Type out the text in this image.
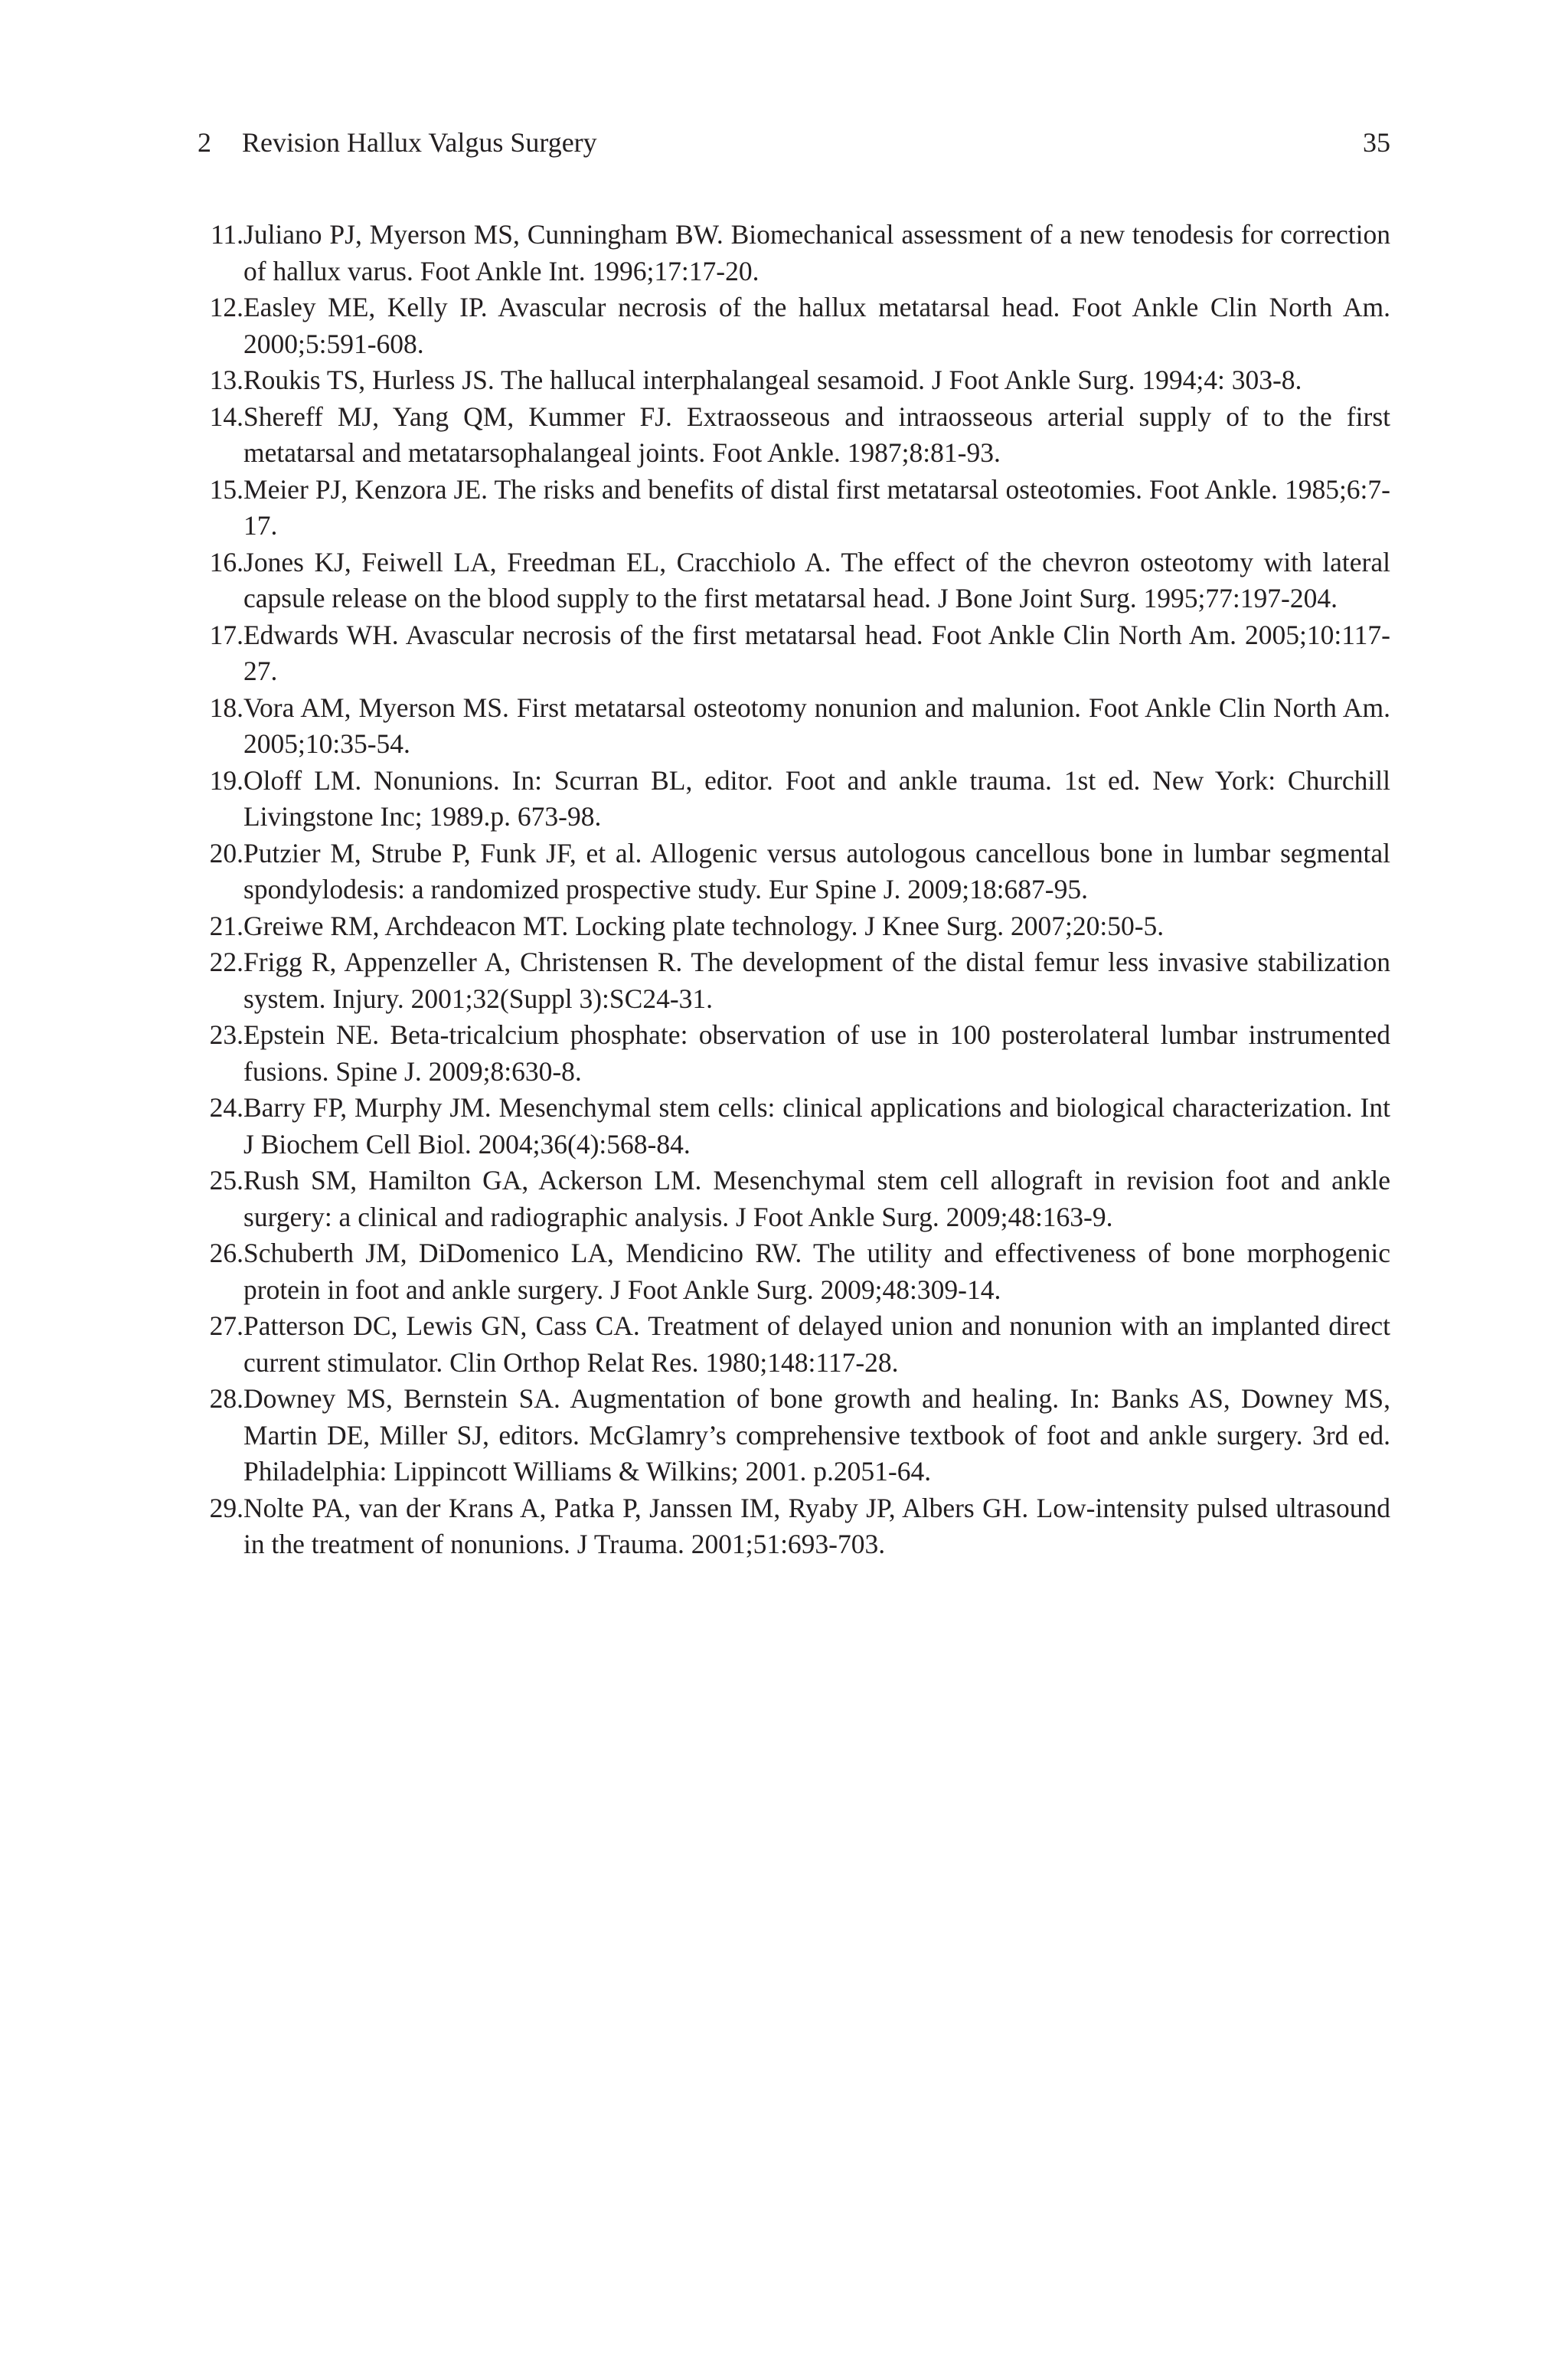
2 Revision Hallux Valgus Surgery	35
11. Juliano PJ, Myerson MS, Cunningham BW. Biomechanical assessment of a new tenodesis for correction of hallux varus. Foot Ankle Int. 1996;17:17-20.
12. Easley ME, Kelly IP. Avascular necrosis of the hallux metatarsal head. Foot Ankle Clin North Am. 2000;5:591-608.
13. Roukis TS, Hurless JS. The hallucal interphalangeal sesamoid. J Foot Ankle Surg. 1994;4: 303-8.
14. Shereff MJ, Yang QM, Kummer FJ. Extraosseous and intraosseous arterial supply of to the first metatarsal and metatarsophalangeal joints. Foot Ankle. 1987;8:81-93.
15. Meier PJ, Kenzora JE. The risks and benefits of distal first metatarsal osteotomies. Foot Ankle. 1985;6:7-17.
16. Jones KJ, Feiwell LA, Freedman EL, Cracchiolo A. The effect of the chevron osteotomy with lateral capsule release on the blood supply to the first metatarsal head. J Bone Joint Surg. 1995;77:197-204.
17. Edwards WH. Avascular necrosis of the first metatarsal head. Foot Ankle Clin North Am. 2005;10:117-27.
18. Vora AM, Myerson MS. First metatarsal osteotomy nonunion and malunion. Foot Ankle Clin North Am. 2005;10:35-54.
19. Oloff LM. Nonunions. In: Scurran BL, editor. Foot and ankle trauma. 1st ed. New York: Churchill Livingstone Inc; 1989.p. 673-98.
20. Putzier M, Strube P, Funk JF, et al. Allogenic versus autologous cancellous bone in lumbar segmental spondylodesis: a randomized prospective study. Eur Spine J. 2009;18:687-95.
21. Greiwe RM, Archdeacon MT. Locking plate technology. J Knee Surg. 2007;20:50-5.
22. Frigg R, Appenzeller A, Christensen R. The development of the distal femur less invasive stabilization system. Injury. 2001;32(Suppl 3):SC24-31.
23. Epstein NE. Beta-tricalcium phosphate: observation of use in 100 posterolateral lumbar instrumented fusions. Spine J. 2009;8:630-8.
24. Barry FP, Murphy JM. Mesenchymal stem cells: clinical applications and biological characterization. Int J Biochem Cell Biol. 2004;36(4):568-84.
25. Rush SM, Hamilton GA, Ackerson LM. Mesenchymal stem cell allograft in revision foot and ankle surgery: a clinical and radiographic analysis. J Foot Ankle Surg. 2009;48:163-9.
26. Schuberth JM, DiDomenico LA, Mendicino RW. The utility and effectiveness of bone morphogenic protein in foot and ankle surgery. J Foot Ankle Surg. 2009;48:309-14.
27. Patterson DC, Lewis GN, Cass CA. Treatment of delayed union and nonunion with an implanted direct current stimulator. Clin Orthop Relat Res. 1980;148:117-28.
28. Downey MS, Bernstein SA. Augmentation of bone growth and healing. In: Banks AS, Downey MS, Martin DE, Miller SJ, editors. McGlamry’s comprehensive textbook of foot and ankle surgery. 3rd ed. Philadelphia: Lippincott Williams & Wilkins; 2001. p.2051-64.
29. Nolte PA, van der Krans A, Patka P, Janssen IM, Ryaby JP, Albers GH. Low-intensity pulsed ultrasound in the treatment of nonunions. J Trauma. 2001;51:693-703.
